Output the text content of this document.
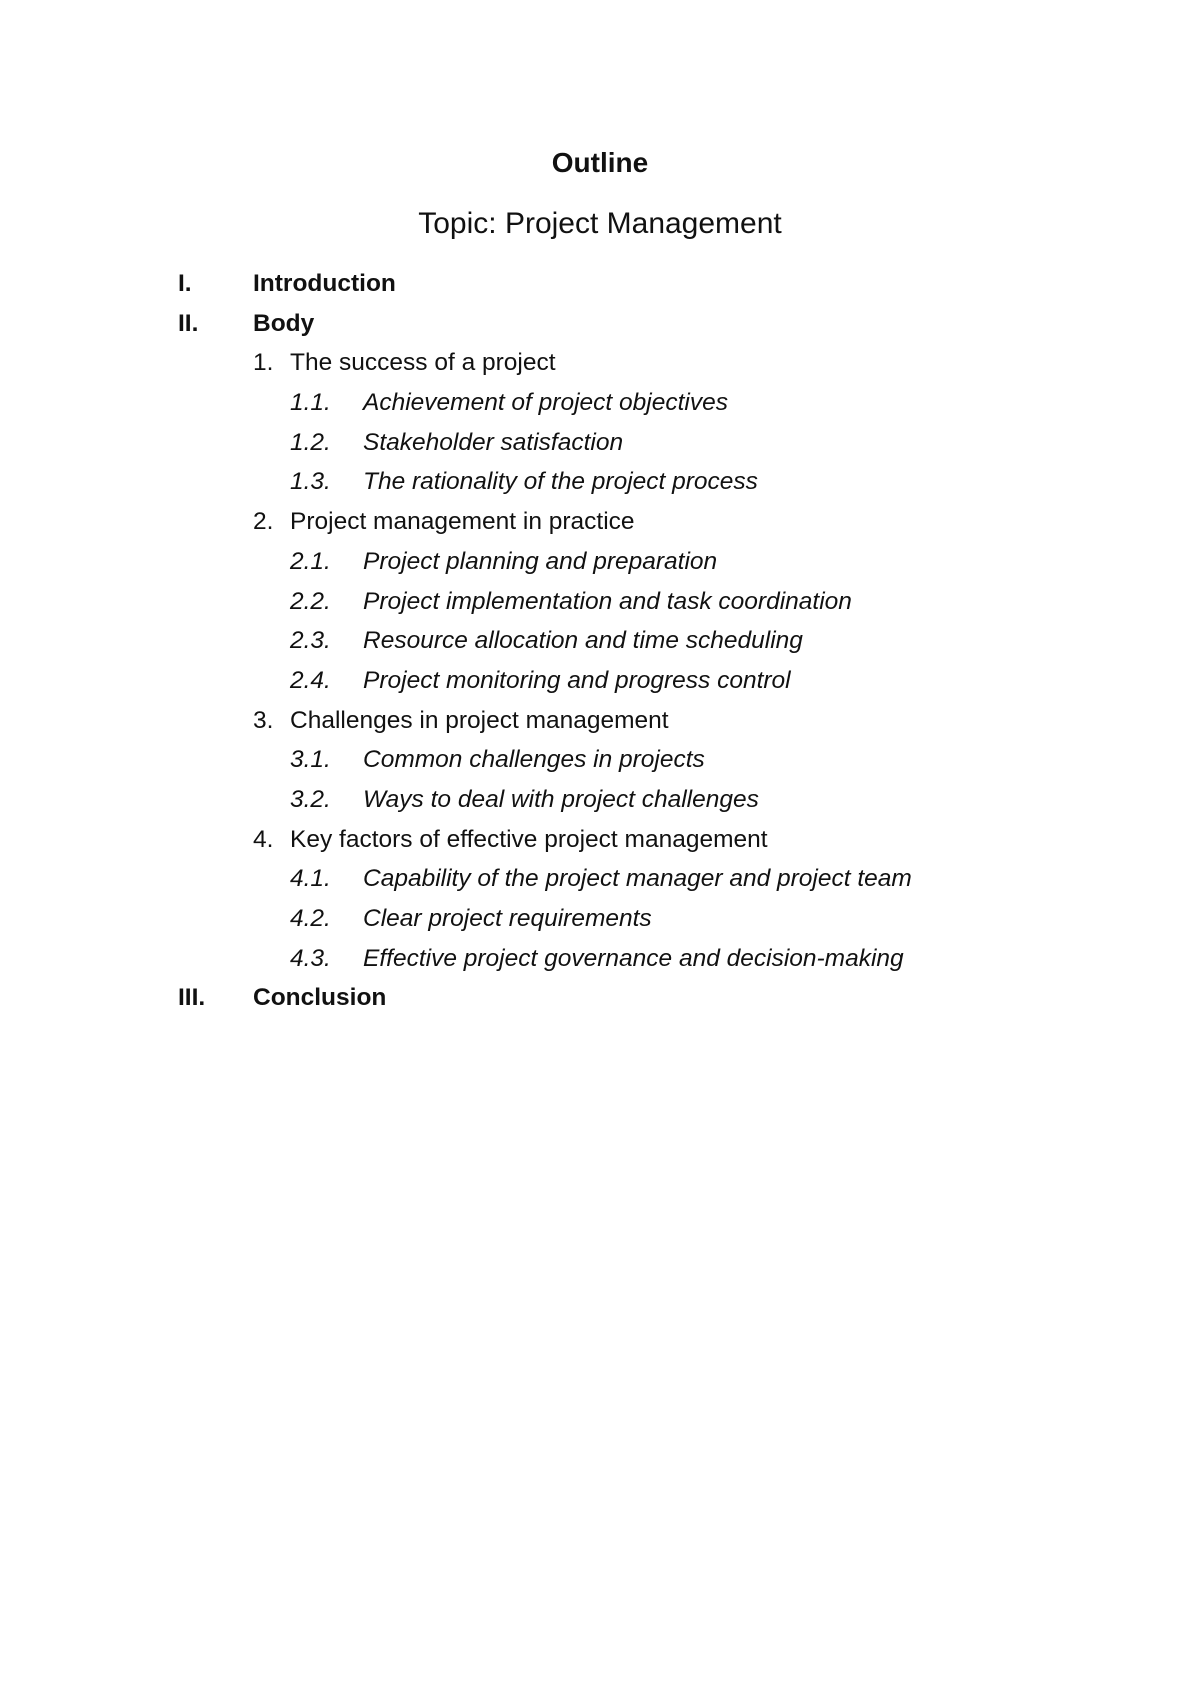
Outline
Topic: Project Management
I.	Introduction
II. Body
1. The success of a project
1.1. Achievement of project objectives
1.2. Stakeholder satisfaction
1.3. The rationality of the project process
2. Project management in practice
2.1. Project planning and preparation
2.2. Project implementation and task coordination
2.3. Resource allocation and time scheduling
2.4. Project monitoring and progress control
3. Challenges in project management
3.1. Common challenges in projects
3.2. Ways to deal with project challenges
4. Key factors of effective project management
4.1. Capability of the project manager and project team
4.2. Clear project requirements
4.3. Effective project governance and decision-making
III. Conclusion
